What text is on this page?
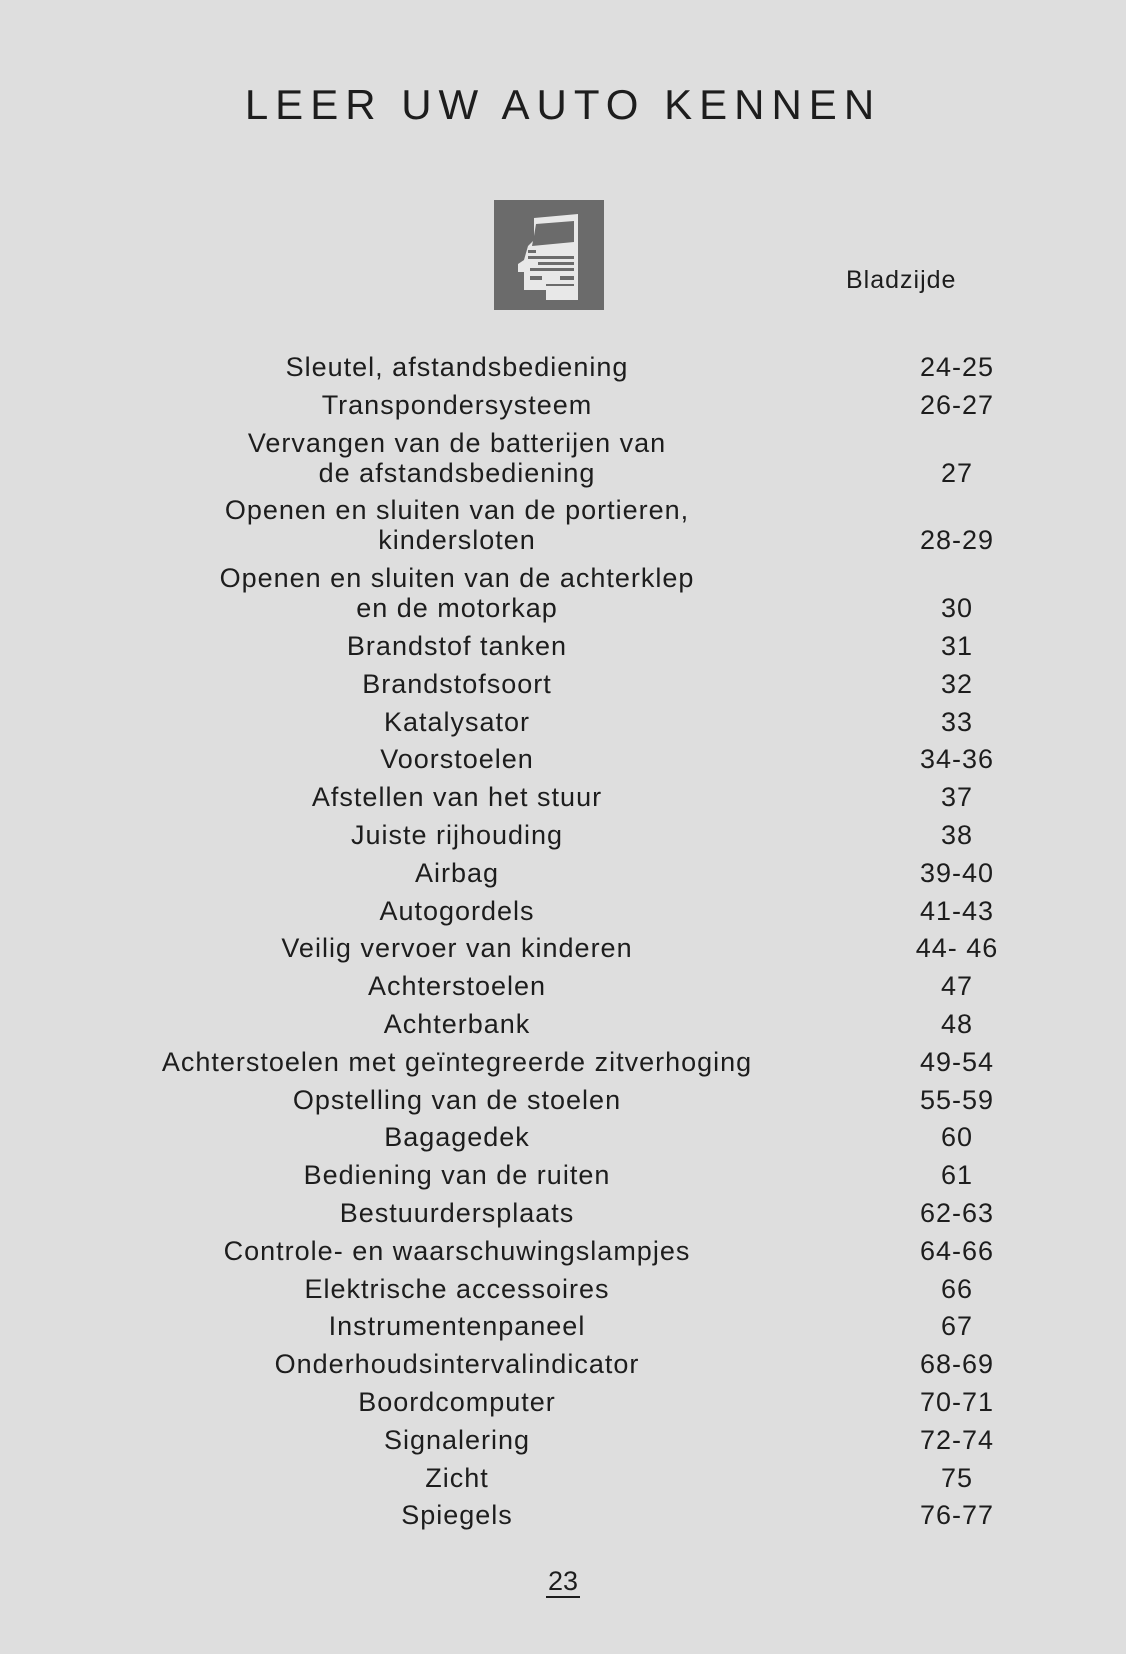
LEER UW AUTO KENNEN
Bladzijde
Sleutel, afstandsbediening	24-25
Transpondersysteem	26-27
Vervangen van de batterijen van
de afstandsbediening	27
Openen en sluiten van de portieren,
kindersloten	28-29
Openen en sluiten van de achterklep
en de motorkap	30
Brandstof tanken	31
Brandstofsoort	32
Katalysator	33
Voorstoelen	34-36
Afstellen van het stuur	37
Juiste rijhouding	38
Airbag	39-40
Autogordels	41-43
Veilig vervoer van kinderen	44- 46
Achterstoelen	47
Achterbank	48
Achterstoelen met geïntegreerde zitverhoging	49-54
Opstelling van de stoelen	55-59
Bagagedek	60
Bediening van de ruiten	61
Bestuurdersplaats	62-63
Controle- en waarschuwingslampjes	64-66
Elektrische accessoires	66
Instrumentenpaneel	67
Onderhoudsintervalindicator	68-69
Boordcomputer	70-71
Signalering	72-74
Zicht	75
Spiegels	76-77
23
